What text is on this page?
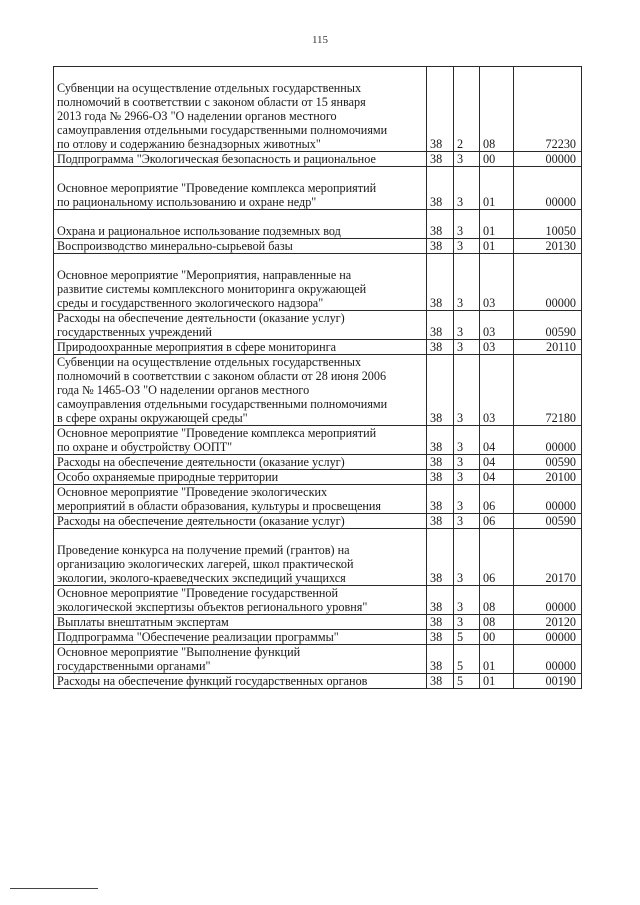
115
Субвенции на осуществление отдельных государственных
полномочий в соответствии с законом области от 15 января
2013 года № 2966-ОЗ "О наделении органов местного
самоуправления отдельными государственными полномочиями
по отлову и содержанию безнадзорных животных"	38	2	08	72230
Подпрограмма "Экологическая безопасность и рациональное	38	3	00	00000
Основное мероприятие "Проведение комплекса мероприятий
по рациональному использованию и охране недр"	38	3	01	00000
Охрана и рациональное использование подземных вод	38	3	01	10050
Воспроизводство минерально-сырьевой базы	38	3	01	20130
Основное мероприятие "Мероприятия, направленные на
развитие системы комплексного мониторинга окружающей
среды и государственного экологического надзора"	38	3	03	00000
Расходы на обеспечение деятельности (оказание услуг)
государственных учреждений	38	3	03	00590
Природоохранные мероприятия в сфере мониторинга	38	3	03	20110
Субвенции на осуществление отдельных государственных
полномочий в соответствии с законом области от 28 июня 2006
года № 1465-ОЗ "О наделении органов местного
самоуправления отдельными государственными полномочиями
в сфере охраны окружающей среды"	38	3	03	72180
Основное мероприятие "Проведение комплекса мероприятий
по охране и обустройству ООПТ"	38	3	04	00000
Расходы на обеспечение деятельности (оказание услуг)	38	3	04	00590
Особо охраняемые природные территории	38	3	04	20100
Основное мероприятие "Проведение экологических
мероприятий в области образования, культуры и просвещения	38	3	06	00000
Расходы на обеспечение деятельности (оказание услуг)	38	3	06	00590
Проведение конкурса на получение премий (грантов) на
организацию экологических лагерей, школ практической
экологии, эколого-краеведческих экспедиций учащихся	38	3	06	20170
Основное мероприятие "Проведение государственной
экологической экспертизы объектов регионального уровня"	38	3	08	00000
Выплаты внештатным экспертам	38	3	08	20120
Подпрограмма "Обеспечение реализации программы"	38	5	00	00000
Основное мероприятие "Выполнение функций
государственными органами"	38	5	01	00000
Расходы на обеспечение функций государственных органов	38	5	01	00190
